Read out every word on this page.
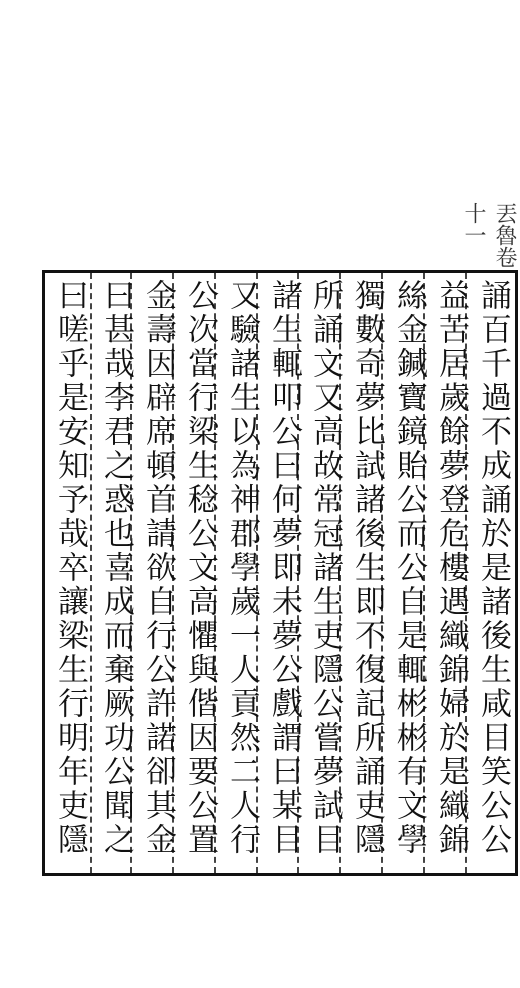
丟魯卷十一
誦百千過不成誦於是諸後生咸目笑公公
益苦居歲餘夢登危樓遇織錦婦於是織錦
絲金鍼寶鏡貽公而公自是輒彬彬有文學
獨數奇夢比試諸後生即不復記所誦吏隱
所誦文又高故常冠諸生吏隱公嘗夢試目
諸生輒叩公曰何夢即未夢公戲謂曰某目
又驗諸生以為神郡學歲一人貢然二人行
公次當行梁生稔公文高懼與偕因要公置
金壽因辟席頓首請欲自行公許諾卻其金
曰甚哉李君之惑也喜成而棄厥功公聞之
曰嗟乎是安知予哉卒讓梁生行明年吏隱
